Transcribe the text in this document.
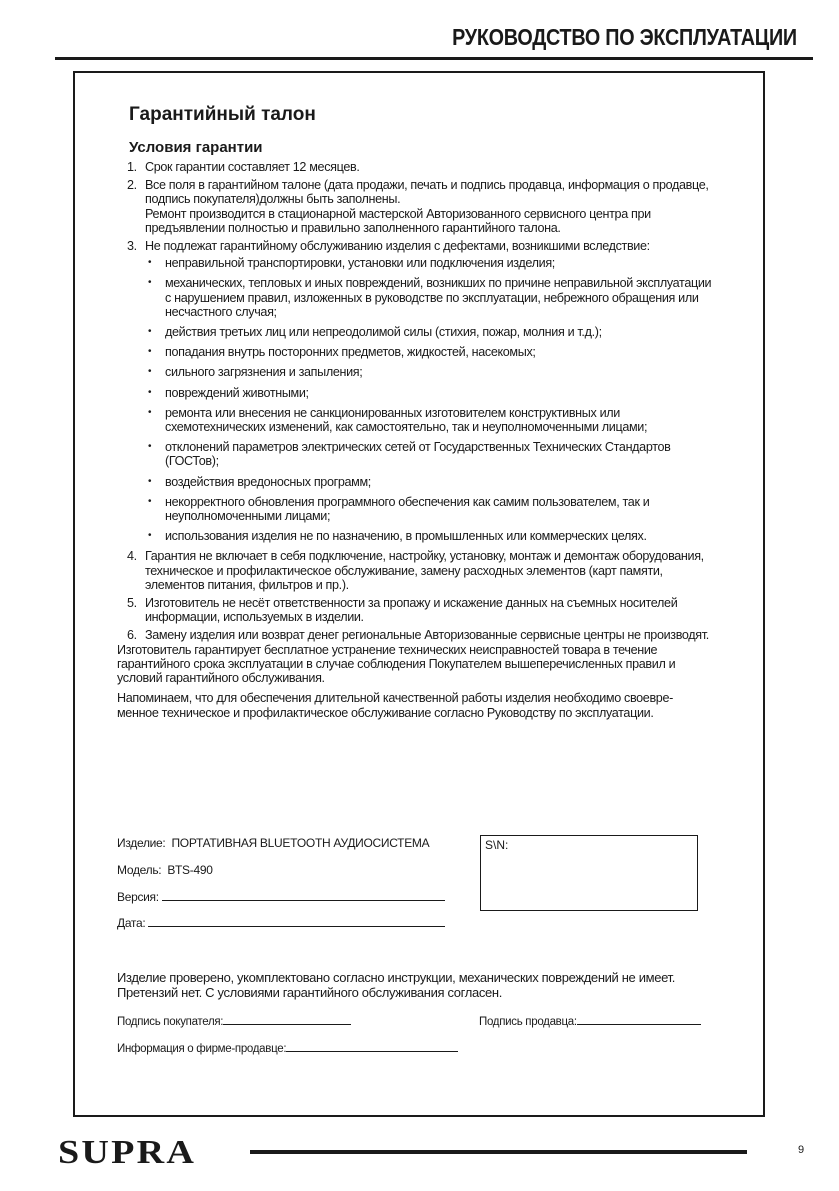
РУКОВОДСТВО ПО ЭКСПЛУАТАЦИИ
Гарантийный талон
Условия гарантии
1. Срок гарантии составляет 12 месяцев.
2. Все поля в гарантийном талоне (дата продажи, печать и подпись продавца, информация о продавце, подпись покупателя)должны быть заполнены.
Ремонт производится в стационарной мастерской Авторизованного сервисного центра при предъявлении полностью и правильно заполненного гарантийного талона.
3. Не подлежат гарантийному обслуживанию изделия с дефектами, возникшими вследствие:
• неправильной транспортировки, установки или подключения изделия;
• механических, тепловых и иных повреждений, возникших по причине неправильной эксплуатации с нарушением правил, изложенных в руководстве по эксплуатации, небрежного обращения или несчастного случая;
• действия третьих лиц или непреодолимой силы (стихия, пожар, молния и т.д.);
• попадания внутрь посторонних предметов, жидкостей, насекомых;
• сильного загрязнения и запыления;
• повреждений животными;
• ремонта или внесения не санкционированных изготовителем конструктивных или схемотехнических изменений, как самостоятельно, так и неуполномоченными лицами;
• отклонений параметров электрических сетей от Государственных Технических Стандартов (ГОСТов);
• воздействия вредоносных программ;
• некорректного обновления программного обеспечения как самим пользователем, так и неуполномоченными лицами;
• использования изделия не по назначению, в промышленных или коммерческих целях.
4. Гарантия не включает в себя подключение, настройку, установку, монтаж и демонтаж оборудования, техническое и профилактическое обслуживание, замену расходных элементов (карт памяти, элементов питания, фильтров и пр.).
5. Изготовитель не несёт ответственности за пропажу и искажение данных на съемных носителей информации, используемых в изделии.
6. Замену изделия или возврат денег региональные Авторизованные сервисные центры не производят.

Изготовитель гарантирует бесплатное устранение технических неисправностей товара в течение гарантийного срока эксплуатации в случае соблюдения Покупателем вышеперечисленных правил и условий гарантийного обслуживания.

Напоминаем, что для обеспечения длительной качественной работы изделия необходимо своевре-менное техническое и профилактическое обслуживание согласно Руководству по эксплуатации.

Изделие: ПОРТАТИВНАЯ BLUETOOTH АУДИОСИСТЕМА
Модель: BTS-490
Версия:
Дата:
S\N:
Изделие проверено, укомплектовано согласно инструкции, механических повреждений не имеет. Претензий нет. С условиями гарантийного обслуживания согласен.
Подпись покупателя:	Подпись продавца:
Информация о фирме-продавце:
SUPRA	9
